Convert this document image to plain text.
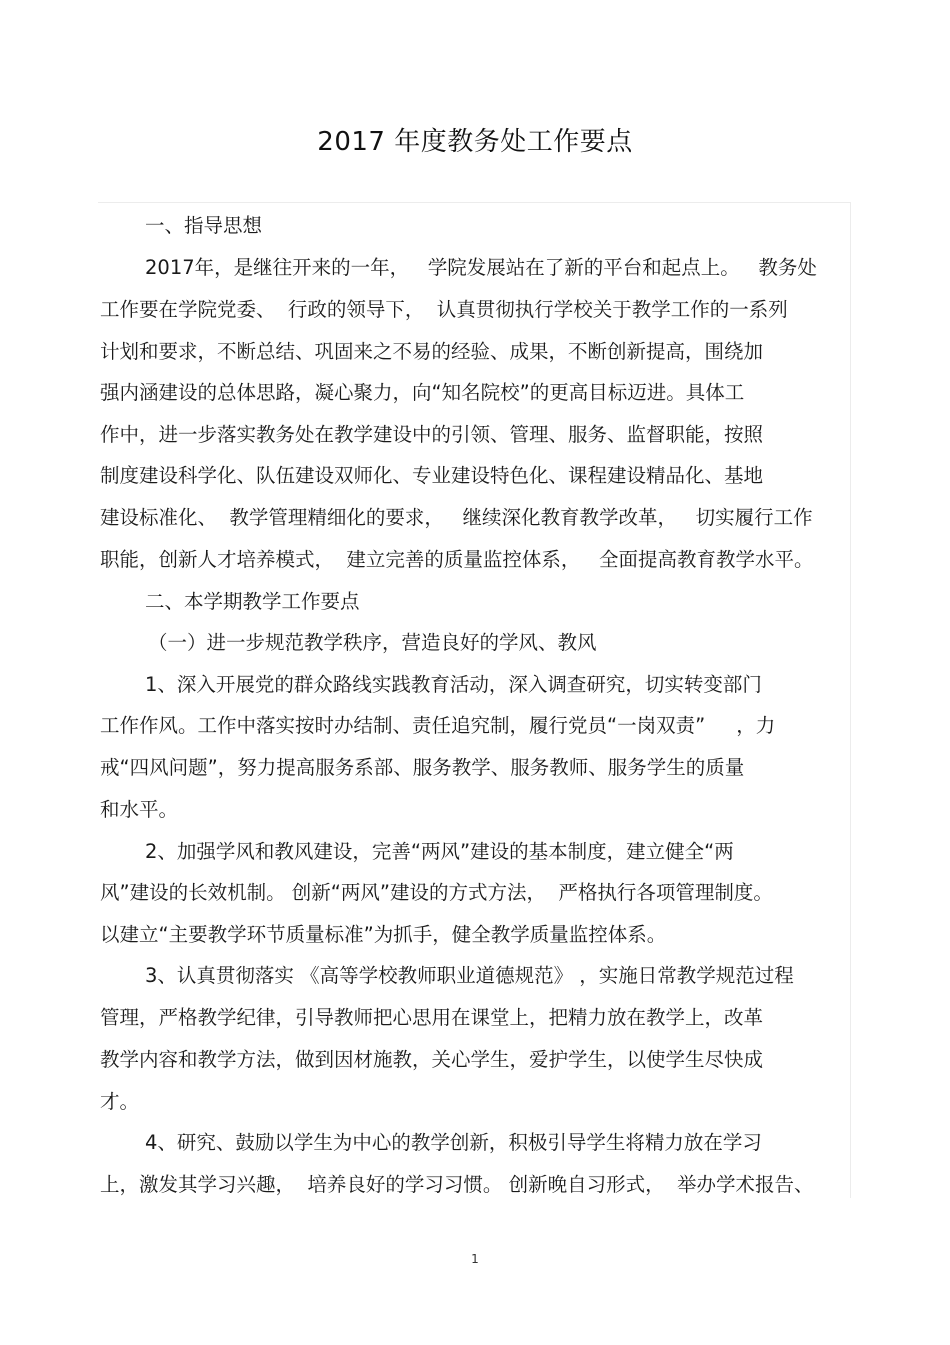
2017 年度教务处工作要点
一、指导思想
2017年，是继往开来的一年，   学院发展站在了新的平台和起点上。   教务处
工作要在学院党委、  行政的领导下，  认真贯彻执行学校关于教学工作的一系列
计划和要求，不断总结、巩固来之不易的经验、成果，不断创新提高，围绕加
强内涵建设的总体思路，凝心聚力，向“知名院校”的更高目标迈进。具体工
作中，进一步落实教务处在教学建设中的引领、管理、服务、监督职能，按照
制度建设科学化、队伍建设双师化、专业建设特色化、课程建设精品化、基地
建设标准化、  教学管理精细化的要求，   继续深化教育教学改革，   切实履行工作
职能，创新人才培养模式，  建立完善的质量监控体系，   全面提高教育教学水平。
二、本学期教学工作要点
（一）进一步规范教学秩序，营造良好的学风、教风
1、深入开展党的群众路线实践教育活动，深入调查研究，切实转变部门
工作作风。工作中落实按时办结制、责任追究制，履行党员“一岗双责”     ，力
戒“四风问题”，努力提高服务系部、服务教学、服务教师、服务学生的质量
和水平。
2、加强学风和教风建设，完善“两风”建设的基本制度，建立健全“两
风”建设的长效机制。 创新“两风”建设的方式方法，  严格执行各项管理制度。
以建立“主要教学环节质量标准”为抓手，健全教学质量监控体系。
3、认真贯彻落实 《高等学校教师职业道德规范》 ，实施日常教学规范过程
管理，严格教学纪律，引导教师把心思用在课堂上，把精力放在教学上，改革
教学内容和教学方法，做到因材施教，关心学生，爱护学生，以使学生尽快成
才。
4、研究、鼓励以学生为中心的教学创新，积极引导学生将精力放在学习
上，激发其学习兴趣，  培养良好的学习习惯。 创新晚自习形式，  举办学术报告、
1
